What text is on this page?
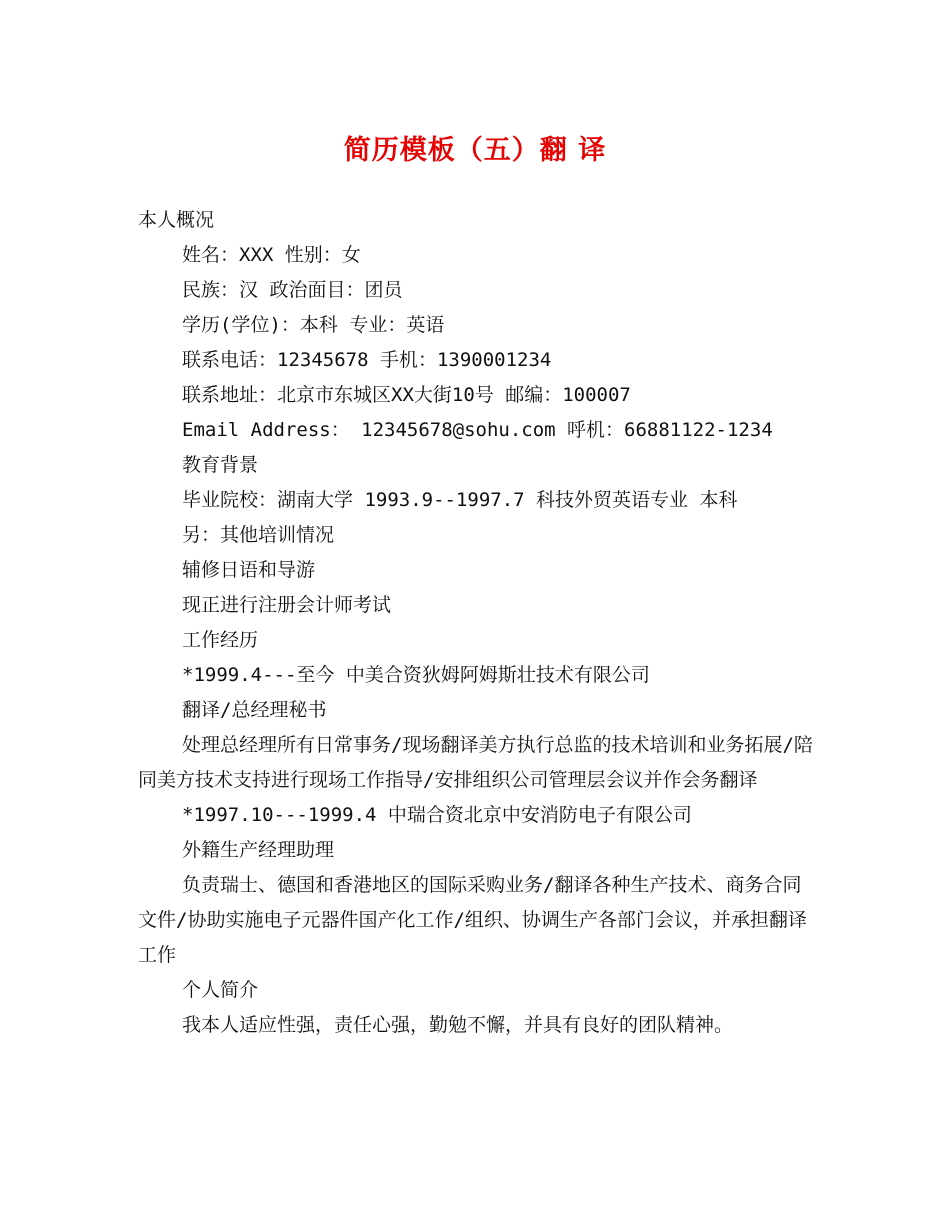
简历模板（五）翻 译

本人概况

姓名：XXX 性别：女

民族：汉 政治面目：团员

学历(学位)：本科 专业：英语

联系电话：12345678 手机：1390001234

联系地址：北京市东城区XX大街10号 邮编：100007

Email Address： 12345678@sohu.com 呼机：66881122-1234

教育背景

毕业院校：湖南大学 1993.9--1997.7 科技外贸英语专业 本科

另：其他培训情况

辅修日语和导游

现正进行注册会计师考试

工作经历

*1999.4---至今 中美合资狄姆阿姆斯壮技术有限公司

翻译/总经理秘书

处理总经理所有日常事务/现场翻译美方执行总监的技术培训和业务拓展/陪同美方技术支持进行现场工作指导/安排组织公司管理层会议并作会务翻译

*1997.10---1999.4 中瑞合资北京中安消防电子有限公司

外籍生产经理助理

负责瑞士、德国和香港地区的国际采购业务/翻译各种生产技术、商务合同文件/协助实施电子元器件国产化工作/组织、协调生产各部门会议，并承担翻译工作

个人简介

我本人适应性强，责任心强，勤勉不懈，并具有良好的团队精神。
